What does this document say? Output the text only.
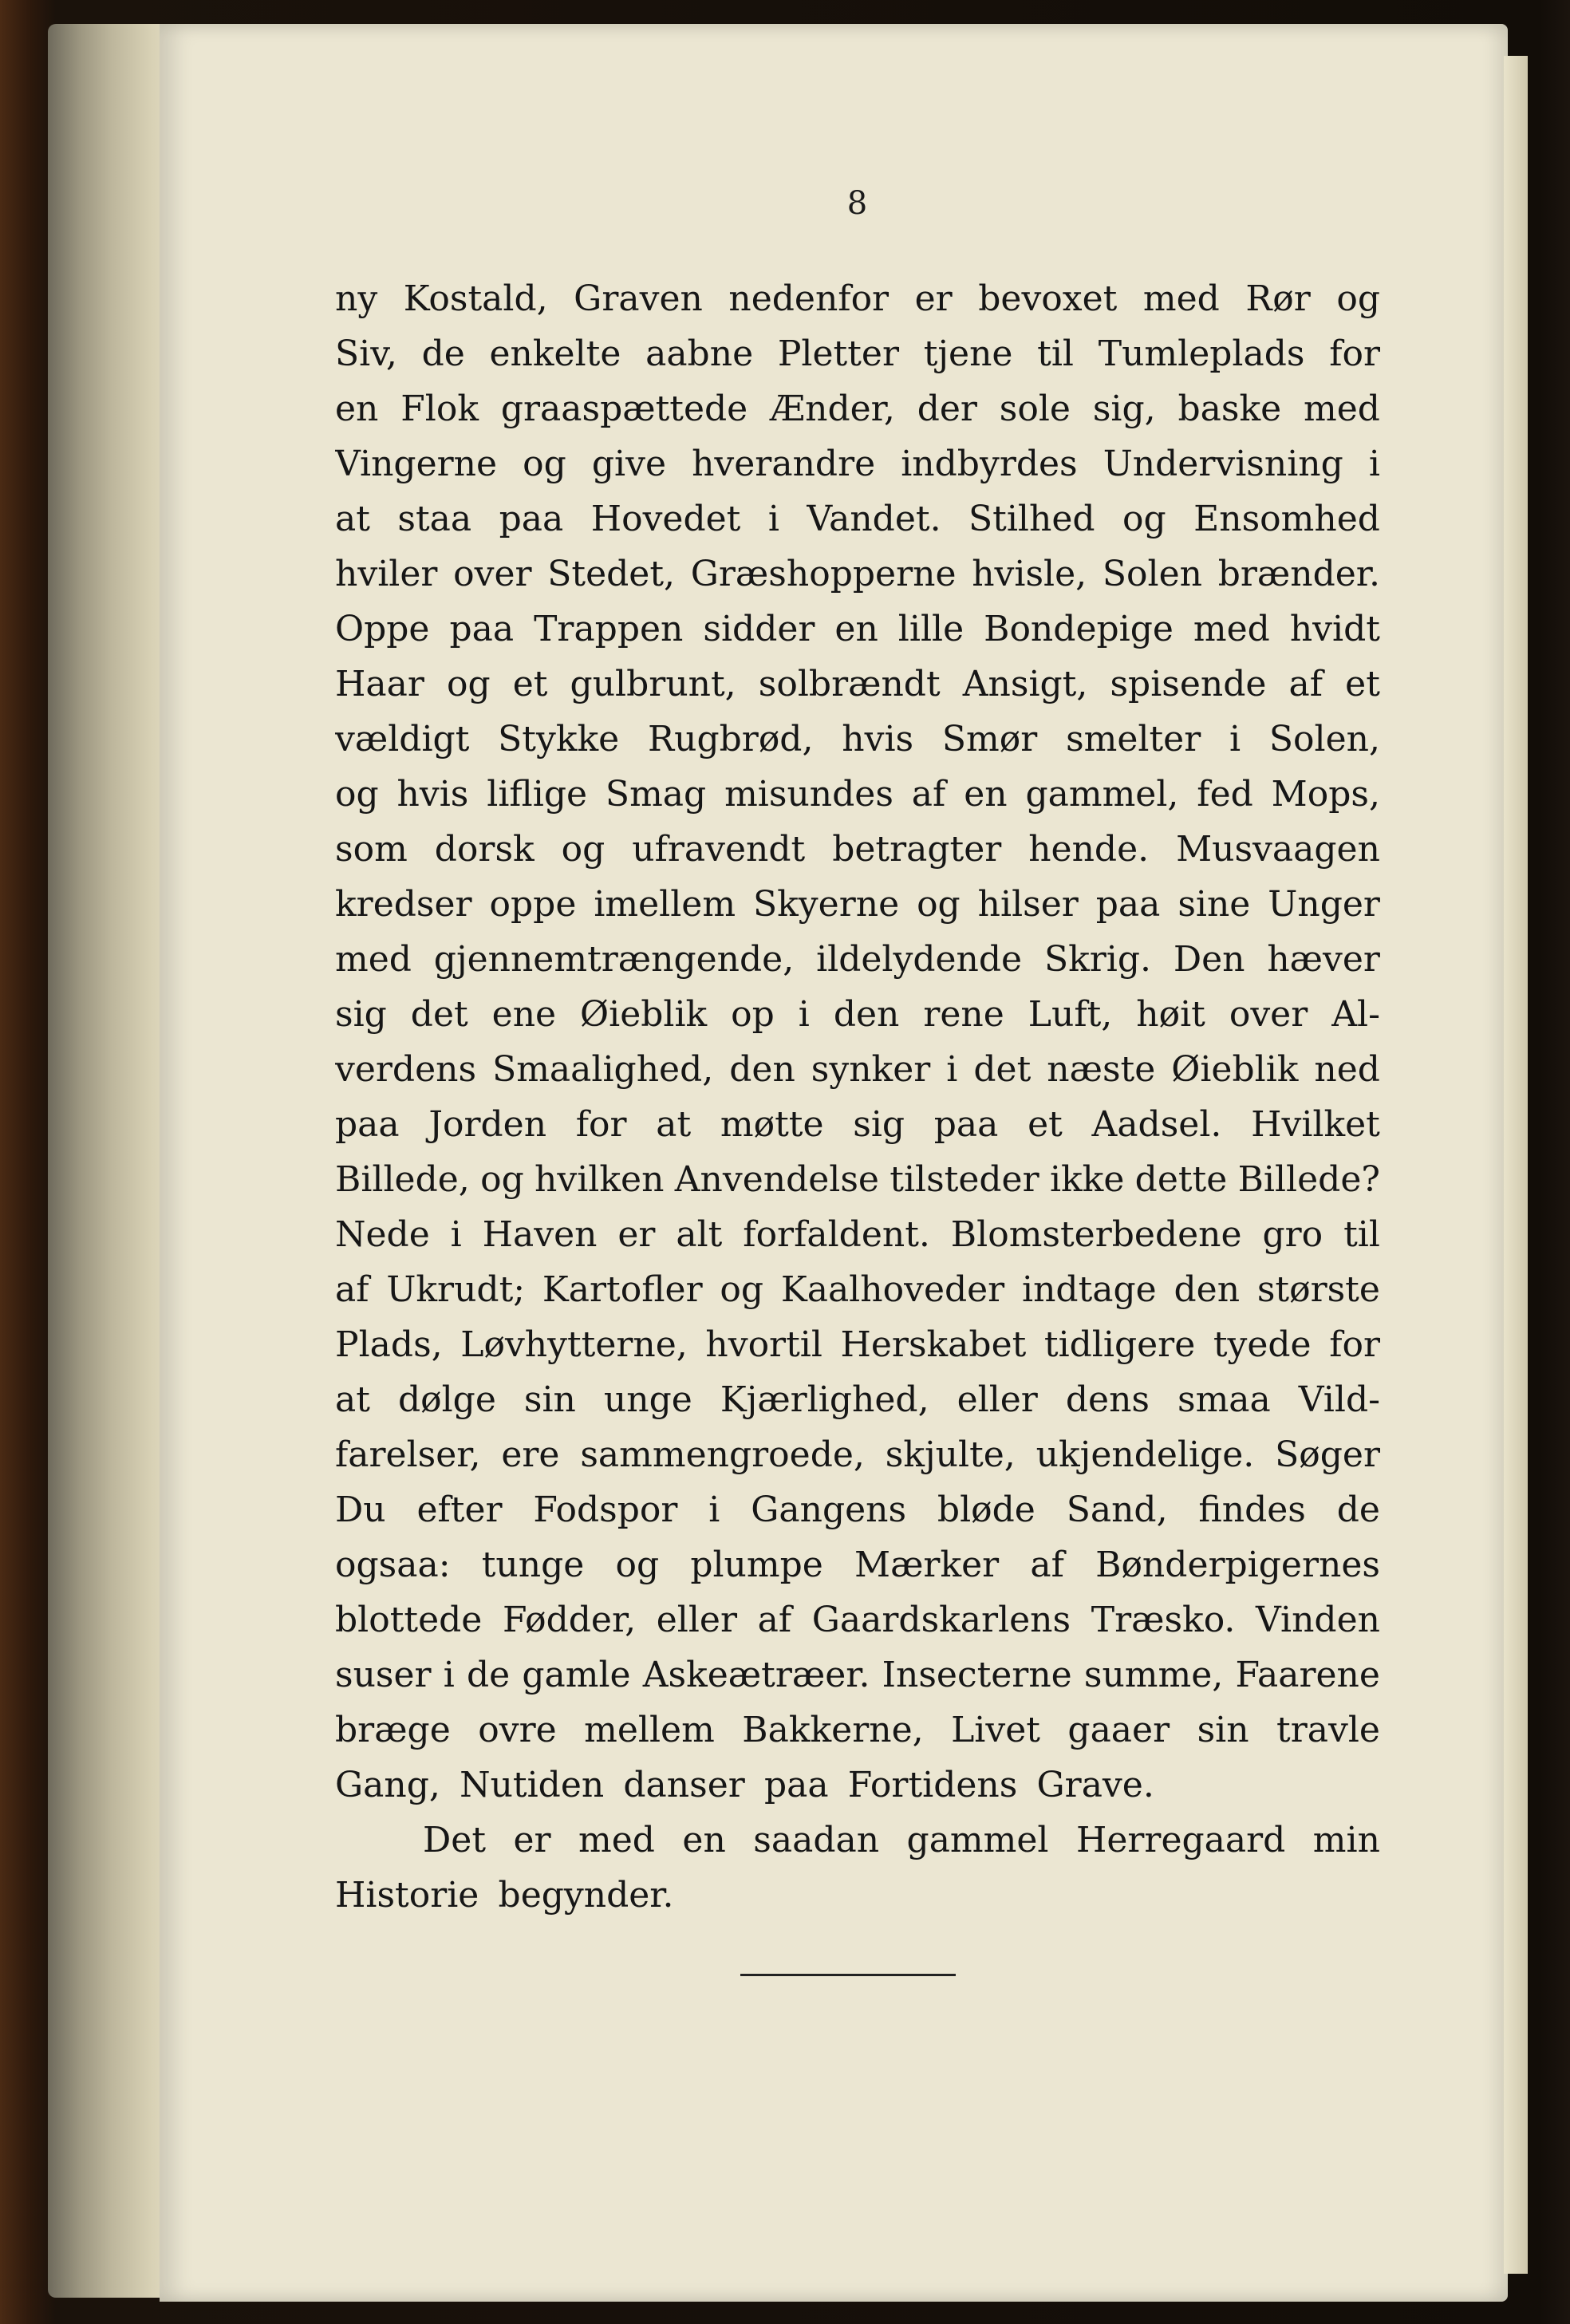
8
ny Kostald, Graven nedenfor er bevoxet med Rør og
Siv, de enkelte aabne Pletter tjene til Tumleplads for
en Flok graaspættede Ænder, der sole sig, baske med
Vingerne og give hverandre indbyrdes Undervisning i
at staa paa Hovedet i Vandet. Stilhed og Ensomhed
hviler over Stedet, Græshopperne hvisle, Solen brænder.
Oppe paa Trappen sidder en lille Bondepige med hvidt
Haar og et gulbrunt, solbrændt Ansigt, spisende af et
vældigt Stykke Rugbrød, hvis Smør smelter i Solen,
og hvis liflige Smag misundes af en gammel, fed Mops,
som dorsk og ufravendt betragter hende. Musvaagen
kredser oppe imellem Skyerne og hilser paa sine Unger
med gjennemtrængende, ildelydende Skrig. Den hæver
sig det ene Øieblik op i den rene Luft, høit over Al-
verdens Smaalighed, den synker i det næste Øieblik ned
paa Jorden for at møtte sig paa et Aadsel. Hvilket
Billede, og hvilken Anvendelse tilsteder ikke dette Billede?
Nede i Haven er alt forfaldent. Blomsterbedene gro til
af Ukrudt; Kartofler og Kaalhoveder indtage den største
Plads, Løvhytterne, hvortil Herskabet tidligere tyede for
at dølge sin unge Kjærlighed, eller dens smaa Vild-
farelser, ere sammengroede, skjulte, ukjendelige. Søger
Du efter Fodspor i Gangens bløde Sand, findes de
ogsaa: tunge og plumpe Mærker af Bønderpigernes
blottede Fødder, eller af Gaardskarlens Træsko. Vinden
suser i de gamle Askeætræer. Insecterne summe, Faarene
bræge ovre mellem Bakkerne, Livet gaaer sin travle
Gang, Nutiden danser paa Fortidens Grave.
Det er med en saadan gammel Herregaard min
Historie begynder.
